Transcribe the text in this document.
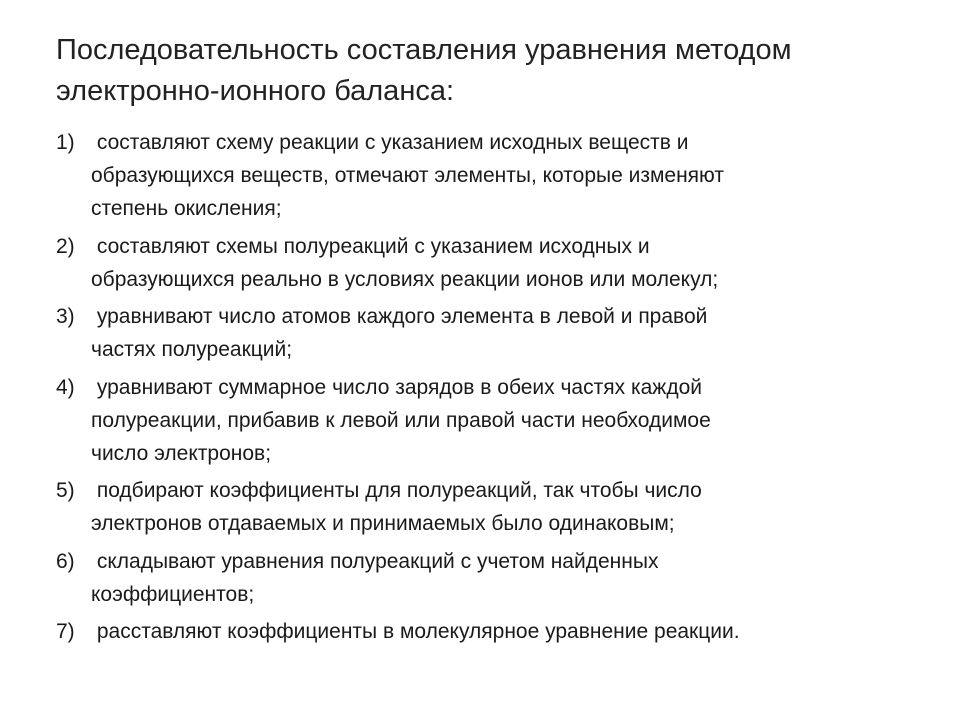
Последовательность составления уравнения методом
электронно-ионного баланса:
1) составляют схему реакции с указанием исходных веществ и
образующихся веществ, отмечают элементы, которые изменяют
степень окисления;
2) составляют схемы полуреакций с указанием исходных и
образующихся реально в условиях реакции ионов или молекул;
3) уравнивают число атомов каждого элемента в левой и правой
частях полуреакций;
4) уравнивают суммарное число зарядов в обеих частях каждой
полуреакции, прибавив к левой или правой части необходимое
число электронов;
5) подбирают коэффициенты для полуреакций, так чтобы число
электронов отдаваемых и принимаемых было одинаковым;
6) складывают уравнения полуреакций с учетом найденных
коэффициентов;
7) расставляют коэффициенты в молекулярное уравнение реакции.
